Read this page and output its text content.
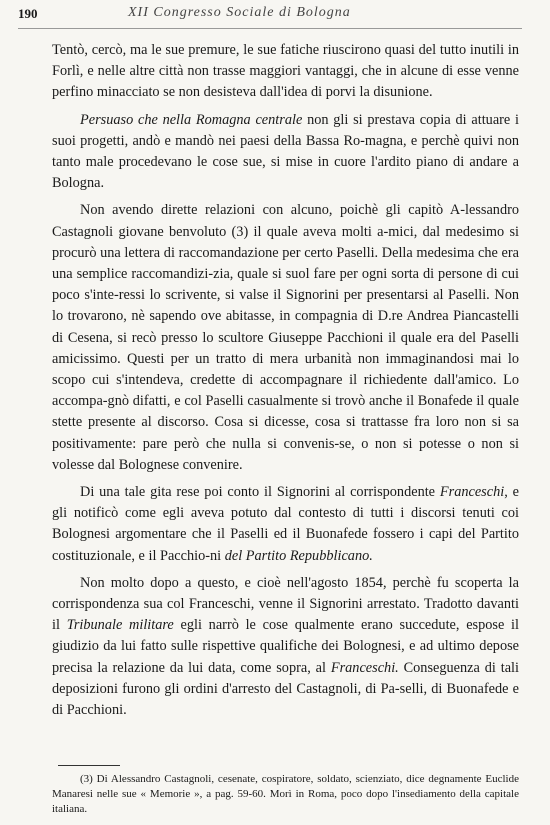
190	XII Congresso Sociale di Bologna

Tentò, cercò, ma le sue premure, le sue fatiche riuscirono quasi del tutto inutili in Forlì, e nelle altre città non trasse maggiori vantaggi, che in alcune di esse venne perfino minacciato se non desisteva dall'idea di porvi la disunione.

Persuaso che nella Romagna centrale non gli si prestava copia di attuare i suoi progetti, andò e mandò nei paesi della Bassa Ro-magna, e perchè quivi non tanto male procedevano le cose sue, si mise in cuore l'ardito piano di andare a Bologna.

Non avendo dirette relazioni con alcuno, poichè gli capitò A-lessandro Castagnoli giovane benvoluto (3) il quale aveva molti a-mici, dal medesimo si procurò una lettera di raccomandazione per certo Paselli. Della medesima che era una semplice raccomandizi-zia, quale si suol fare per ogni sorta di persone di cui poco s'inte-ressi lo scrivente, si valse il Signorini per presentarsi al Paselli. Non lo trovarono, nè sapendo ove abitasse, in compagnia di D.re Andrea Piancastelli di Cesena, si recò presso lo scultore Giuseppe Pacchioni il quale era del Paselli amicissimo. Questi per un tratto di mera urbanità non immaginandosi mai lo scopo cui s'intendeva, credette di accompagnare il richiedente dall'amico. Lo accompa-gnò difatti, e col Paselli casualmente si trovò anche il Bonafede il quale stette presente al discorso. Cosa si dicesse, cosa si trattasse fra loro non si sa positivamente: pare però che nulla si convenis-se, o non si potesse o non si volesse dal Bolognese convenire.

Di una tale gita rese poi conto il Signorini al corrispondente Franceschi, e gli notificò come egli aveva potuto dal contesto di tutti i discorsi tenuti coi Bolognesi argomentare che il Paselli ed il Buonafede fossero i capi del Partito costituzionale, e il Pacchio-ni del Partito Repubblicano.

Non molto dopo a questo, e cioè nell'agosto 1854, perchè fu scoperta la corrispondenza sua col Franceschi, venne il Signorini arrestato. Tradotto davanti il Tribunale militare egli narrò le cose qualmente erano succedute, espose il giudizio da lui fatto sulle rispettive qualifiche dei Bolognesi, e ad ultimo depose precisa la relazione da lui data, come sopra, al Franceschi. Conseguenza di tali deposizioni furono gli ordini d'arresto del Castagnoli, di Pa-selli, di Buonafede e di Pacchioni.

(3) Di Alessandro Castagnoli, cesenate, cospiratore, soldato, scienziato, dice degnamente Euclide Manaresi nelle sue « Memorie », a pag. 59-60. Morì in Roma, poco dopo l'insediamento della capitale italiana.
